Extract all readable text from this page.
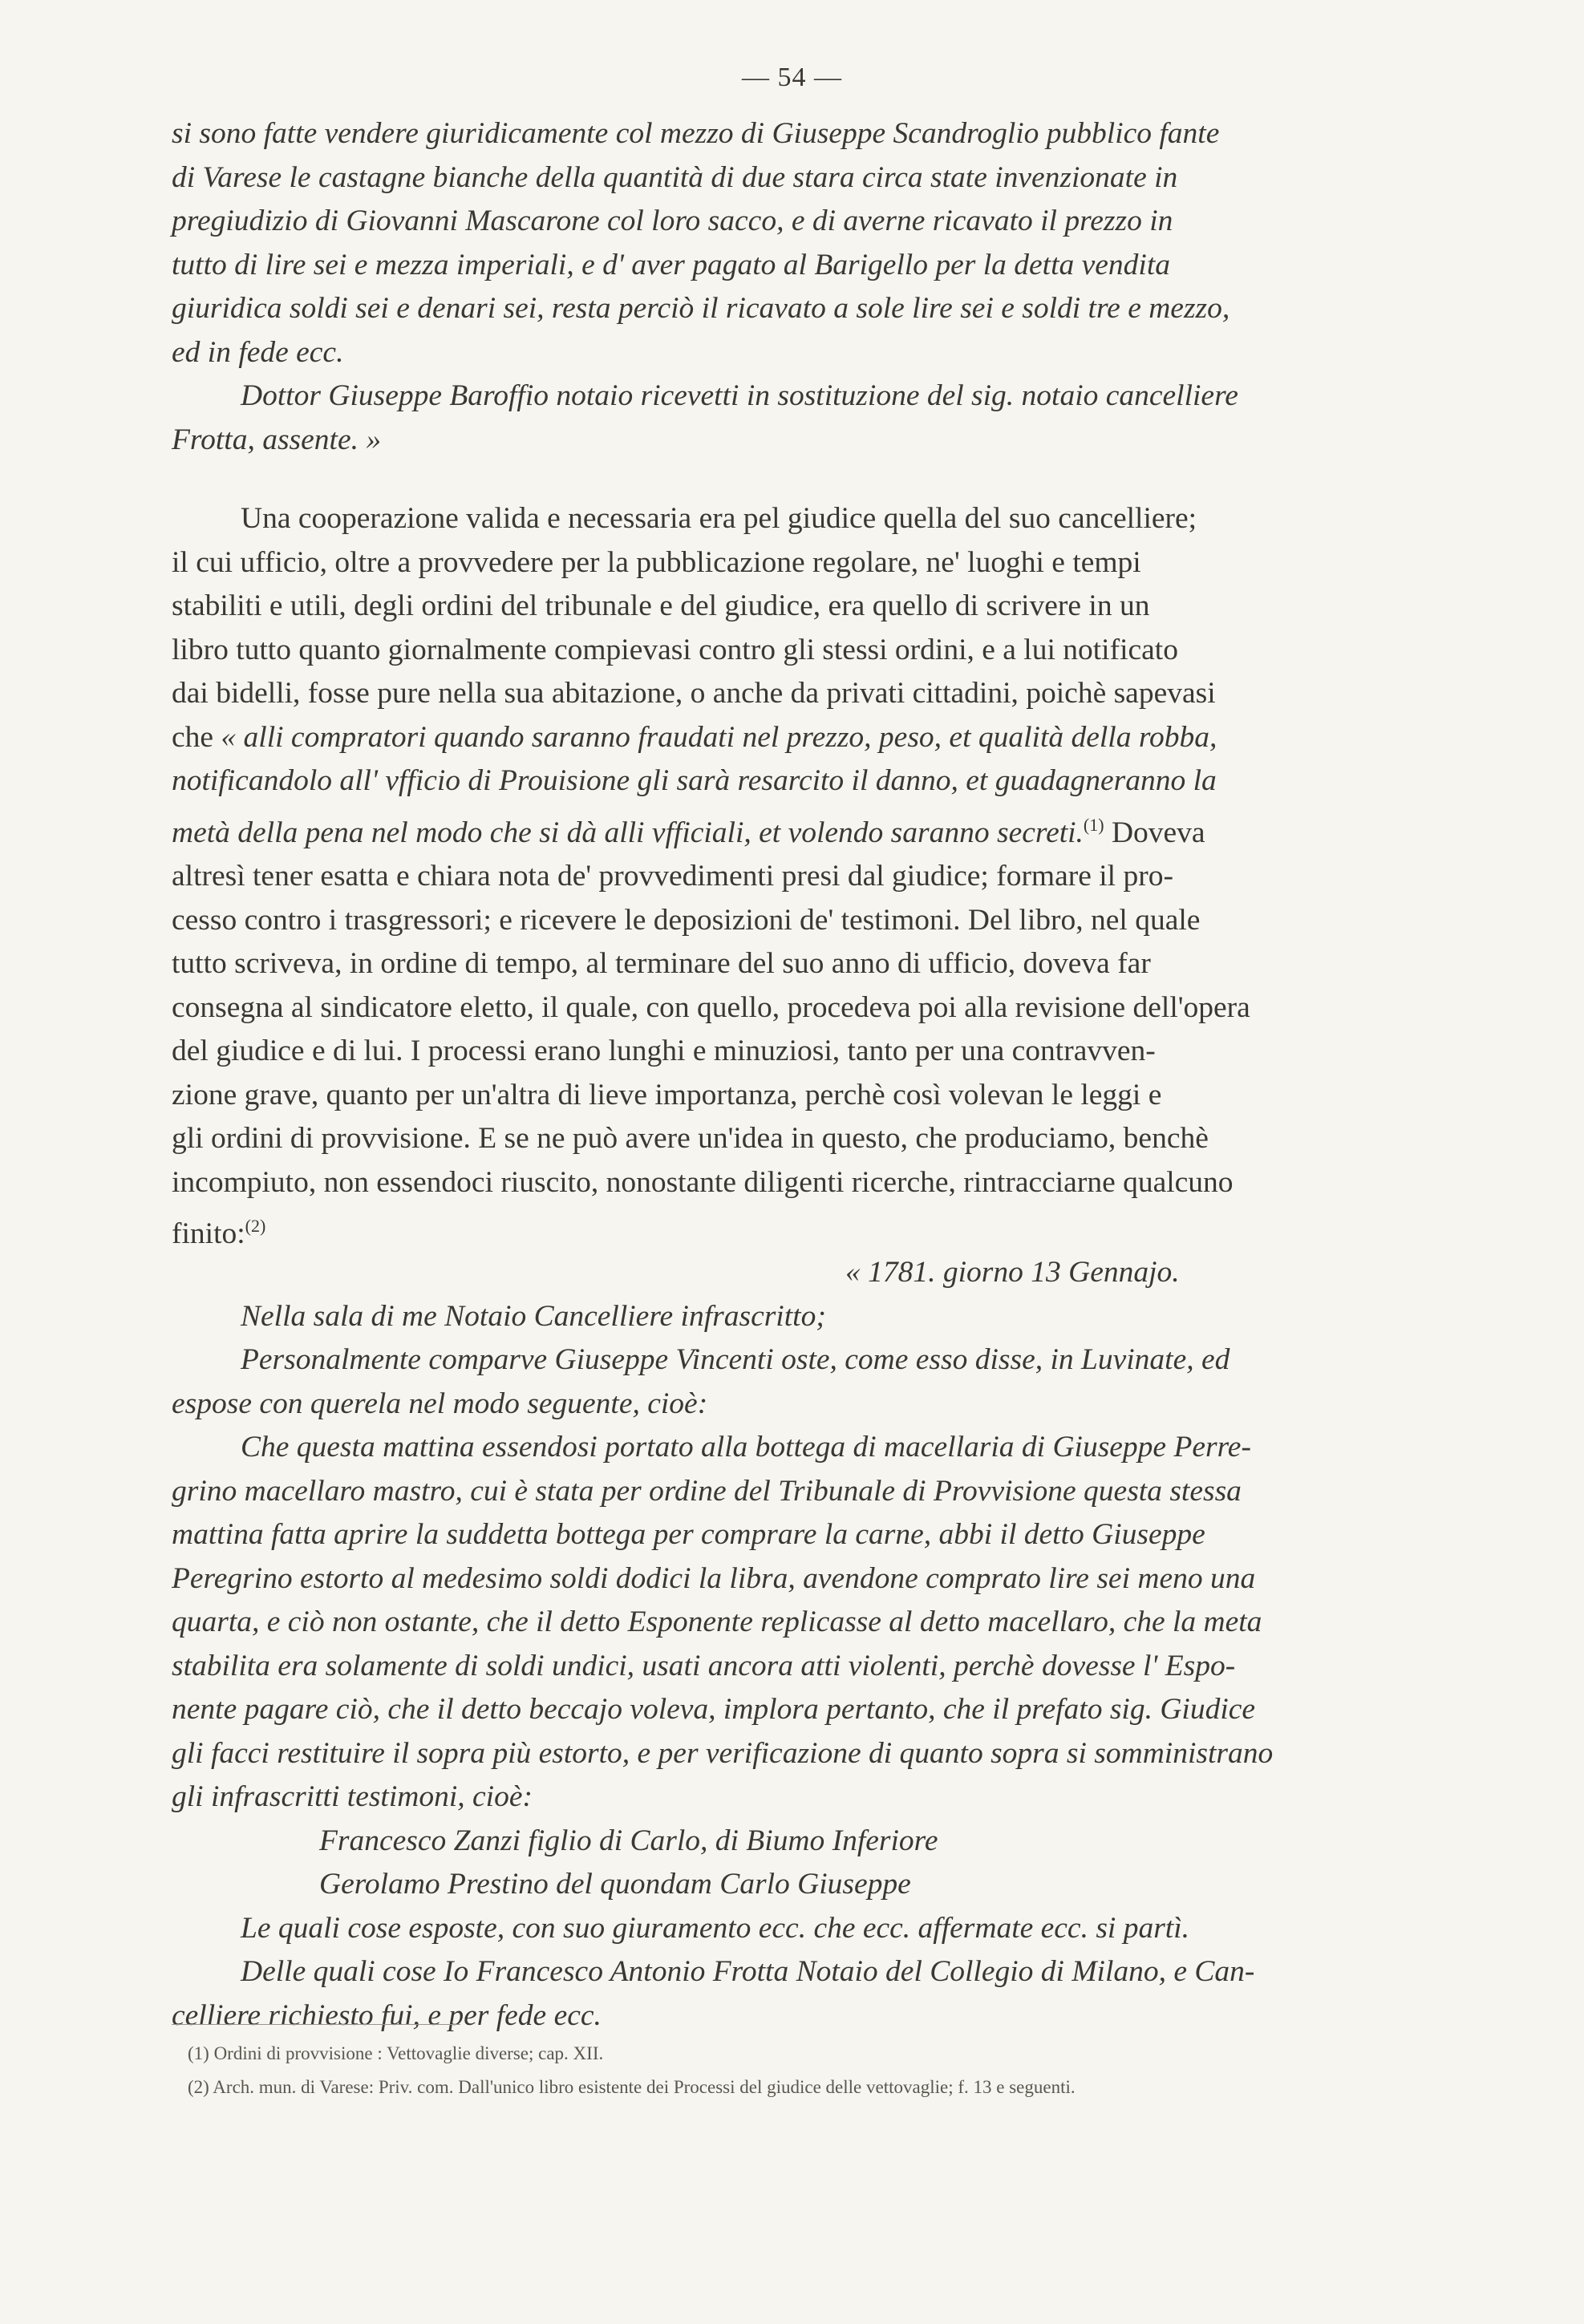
— 54 —
si sono fatte vendere giuridicamente col mezzo di Giuseppe Scandroglio pubblico fante
di Varese le castagne bianche della quantità di due stara circa state invenzionate in
pregiudizio di Giovanni Mascarone col loro sacco, e di averne ricavato il prezzo in
tutto di lire sei e mezza imperiali, e d' aver pagato al Barigello per la detta vendita
giuridica soldi sei e denari sei, resta perciò il ricavato a sole lire sei e soldi tre e mezzo,
ed in fede ecc.
Dottor Giuseppe Baroffio notaio ricevetti in sostituzione del sig. notaio cancelliere
Frotta, assente. »
Una cooperazione valida e necessaria era pel giudice quella del suo cancelliere;
il cui ufficio, oltre a provvedere per la pubblicazione regolare, ne' luoghi e tempi
stabiliti e utili, degli ordini del tribunale e del giudice, era quello di scrivere in un
libro tutto quanto giornalmente compievasi contro gli stessi ordini, e a lui notificato
dai bidelli, fosse pure nella sua abitazione, o anche da privati cittadini, poichè sapevasi
che « alli compratori quando saranno fraudati nel prezzo, peso, et qualità della robba,
notificandolo all' vfficio di Prouisione gli sarà resarcito il danno, et guadagneranno la
metà della pena nel modo che si dà alli vfficiali, et volendo saranno secreti.$^{(1)}$ Doveva
altresì tener esatta e chiara nota de' provvedimenti presi dal giudice; formare il pro-
cesso contro i trasgressori; e ricevere le deposizioni de' testimoni. Del libro, nel quale
tutto scriveva, in ordine di tempo, al terminare del suo anno di ufficio, doveva far
consegna al sindicatore eletto, il quale, con quello, procedeva poi alla revisione dell'opera
del giudice e di lui. I processi erano lunghi e minuziosi, tanto per una contravven-
zione grave, quanto per un'altra di lieve importanza, perchè così volevan le leggi e
gli ordini di provvisione. E se ne può avere un'idea in questo, che produciamo, benchè
incompiuto, non essendoci riuscito, nonostante diligenti ricerche, rintracciarne qualcuno
finito:$^{(2)}$
« 1781. giorno 13 Gennajo.
Nella sala di me Notaio Cancelliere infrascritto;
Personalmente comparve Giuseppe Vincenti oste, come esso disse, in Luvinate, ed
espose con querela nel modo seguente, cioè:
Che questa mattina essendosi portato alla bottega di macellaria di Giuseppe Perre-
grino macellaro mastro, cui è stata per ordine del Tribunale di Provvisione questa stessa
mattina fatta aprire la suddetta bottega per comprare la carne, abbi il detto Giuseppe
Peregrino estorto al medesimo soldi dodici la libra, avendone comprato lire sei meno una
quarta, e ciò non ostante, che il detto Esponente replicasse al detto macellaro, che la meta
stabilita era solamente di soldi undici, usati ancora atti violenti, perchè dovesse l' Espo-
nente pagare ciò, che il detto beccajo voleva, implora pertanto, che il prefato sig. Giudice
gli facci restituire il sopra più estorto, e per verificazione di quanto sopra si somministrano
gli infrascritti testimoni, cioè:
Francesco Zanzi figlio di Carlo, di Biumo Inferiore
Gerolamo Prestino del quondam Carlo Giuseppe
Le quali cose esposte, con suo giuramento ecc. che ecc. affermate ecc. si partì.
Delle quali cose Io Francesco Antonio Frotta Notaio del Collegio di Milano, e Can-
celliere richiesto fui, e per fede ecc.
(1) Ordini di provvisione : Vettovaglie diverse; cap. XII.
(2) Arch. mun. di Varese: Priv. com. Dall'unico libro esistente dei Processi del giudice delle vettovaglie; f. 13 e seguenti.
